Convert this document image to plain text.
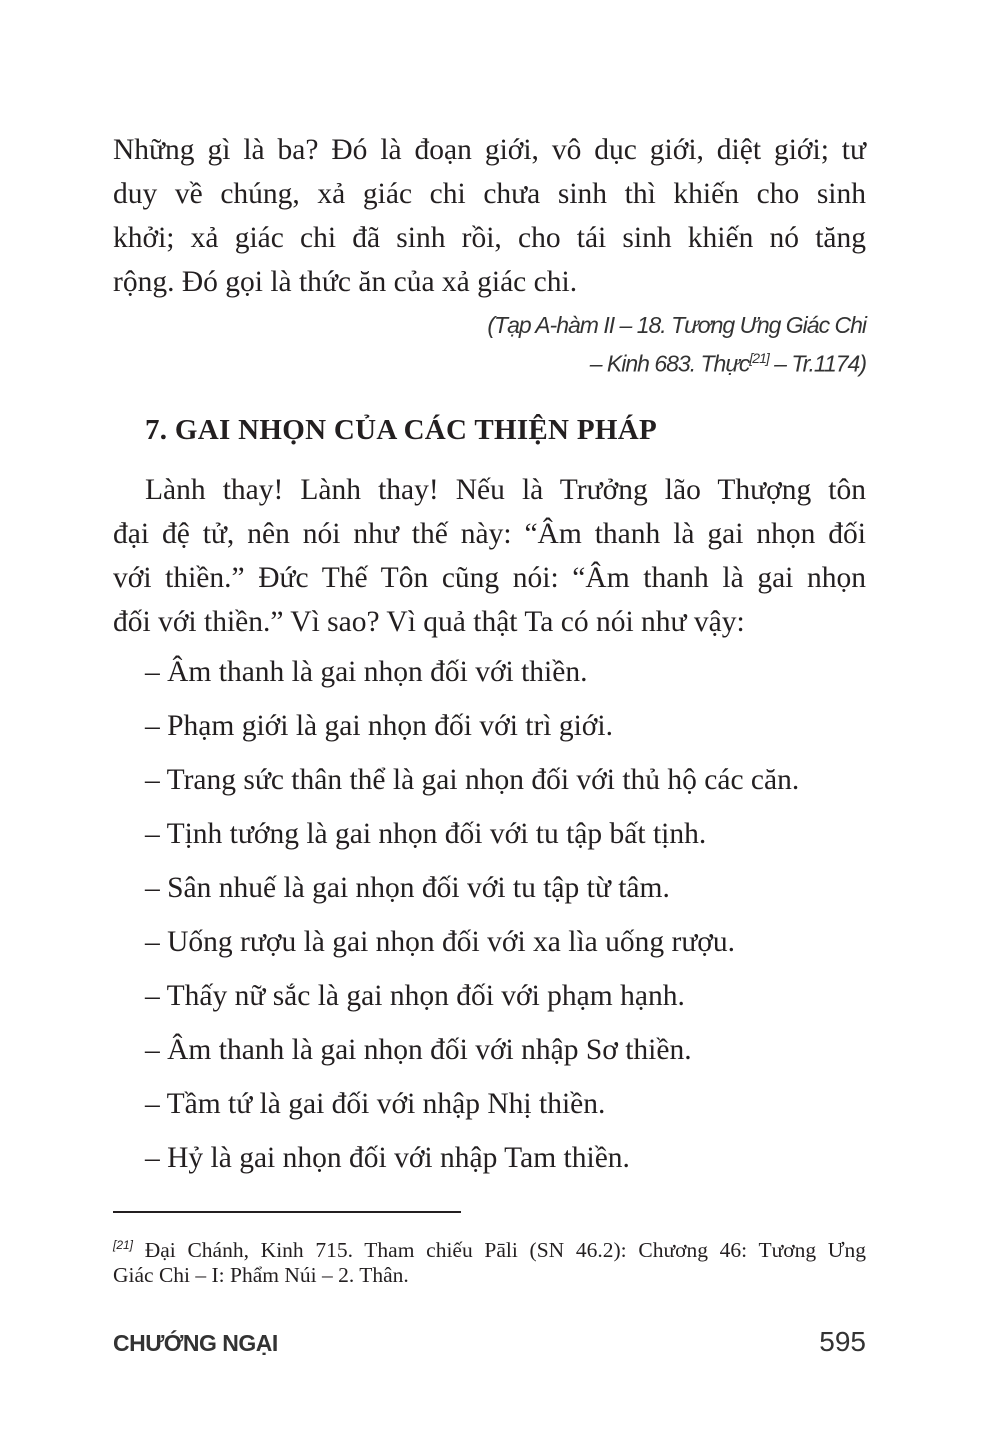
Những gì là ba? Đó là đoạn giới, vô dục giới, diệt giới; tư
duy về chúng, xả giác chi chưa sinh thì khiến cho sinh
khởi; xả giác chi đã sinh rồi, cho tái sinh khiến nó tăng
rộng. Đó gọi là thức ăn của xả giác chi.
(Tạp A-hàm II – 18. Tương Ưng Giác Chi
– Kinh 683. Thực[21] – Tr.1174)
7. GAI NHỌN CỦA CÁC THIỆN PHÁP
Lành thay! Lành thay! Nếu là Trưởng lão Thượng tôn
đại đệ tử, nên nói như thế này: “Âm thanh là gai nhọn đối
với thiền.” Đức Thế Tôn cũng nói: “Âm thanh là gai nhọn
đối với thiền.” Vì sao? Vì quả thật Ta có nói như vậy:
– Âm thanh là gai nhọn đối với thiền.
– Phạm giới là gai nhọn đối với trì giới.
– Trang sức thân thể là gai nhọn đối với thủ hộ các căn.
– Tịnh tướng là gai nhọn đối với tu tập bất tịnh.
– Sân nhuế là gai nhọn đối với tu tập từ tâm.
– Uống rượu là gai nhọn đối với xa lìa uống rượu.
– Thấy nữ sắc là gai nhọn đối với phạm hạnh.
– Âm thanh là gai nhọn đối với nhập Sơ thiền.
– Tầm tứ là gai đối với nhập Nhị thiền.
– Hỷ là gai nhọn đối với nhập Tam thiền.
[21] Đại Chánh, Kinh 715. Tham chiếu Pāli (SN 46.2): Chương 46: Tương Ưng
Giác Chi – I: Phẩm Núi – 2. Thân.
CHƯỚNG NGẠI	595
